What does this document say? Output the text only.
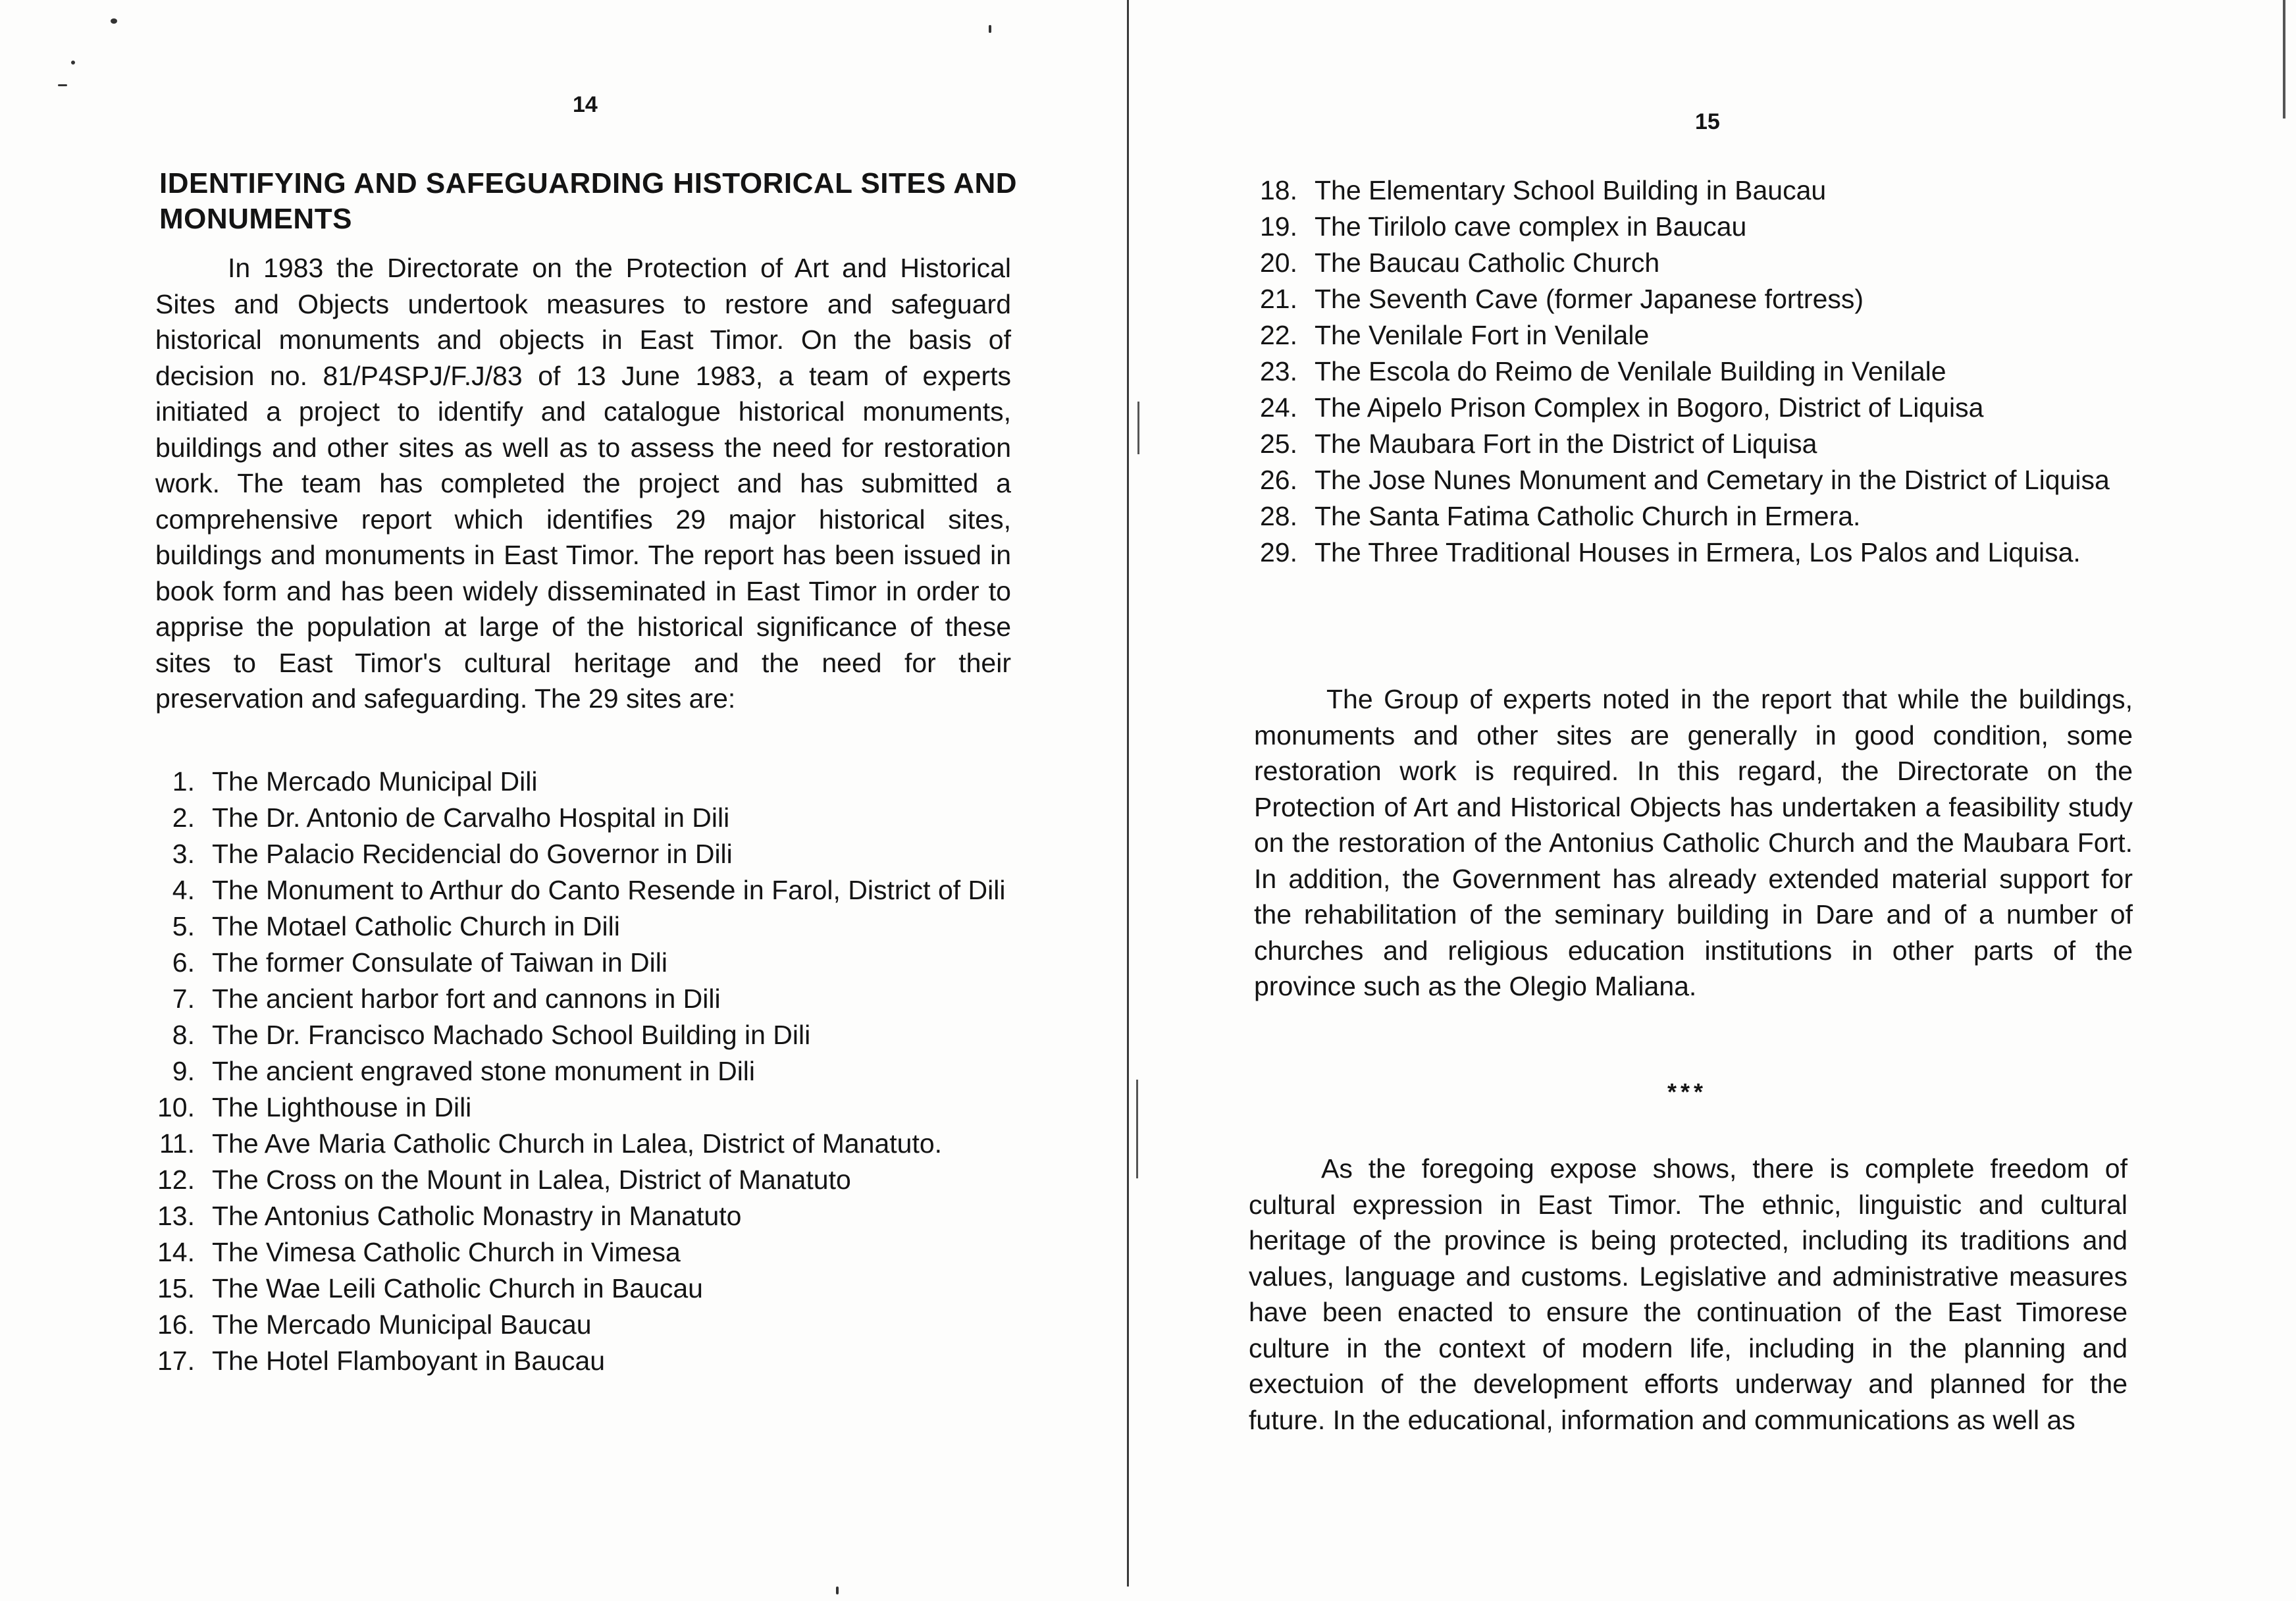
14
IDENTIFYING AND SAFEGUARDING HISTORICAL SITES AND MONUMENTS

In 1983 the Directorate on the Protection of Art and Historical Sites and Objects undertook measures to restore and safeguard historical monuments and objects in East Timor. On the basis of decision no. 81/P4SPJ/F.J/83 of 13 June 1983, a team of experts initiated a project to identify and catalogue historical monuments, buildings and other sites as well as to assess the need for restoration work. The team has completed the project and has submitted a comprehensive report which identifies 29 major historical sites, buildings and monuments in East Timor. The report has been issued in book form and has been widely disseminated in East Timor in order to apprise the population at large of the historical significance of these sites to East Timor's cultural heritage and the need for their preservation and safeguarding. The 29 sites are:

1. The Mercado Municipal Dili
2. The Dr. Antonio de Carvalho Hospital in Dili
3. The Palacio Recidencial do Governor in Dili
4. The Monument to Arthur do Canto Resende in Farol, District of Dili
5. The Motael Catholic Church in Dili
6. The former Consulate of Taiwan in Dili
7. The ancient harbor fort and cannons in Dili
8. The Dr. Francisco Machado School Building in Dili
9. The ancient engraved stone monument in Dili
10. The Lighthouse in Dili
11. The Ave Maria Catholic Church in Lalea, District of Manatuto.
12. The Cross on the Mount in Lalea, District of Manatuto
13. The Antonius Catholic Monastry in Manatuto
14. The Vimesa Catholic Church in Vimesa
15. The Wae Leili Catholic Church in Baucau
16. The Mercado Municipal Baucau
17. The Hotel Flamboyant in Baucau
15
18. The Elementary School Building in Baucau
19. The Tirilolo cave complex in Baucau
20. The Baucau Catholic Church
21. The Seventh Cave (former Japanese fortress)
22. The Venilale Fort in Venilale
23. The Escola do Reimo de Venilale Building in Venilale
24. The Aipelo Prison Complex in Bogoro, District of Liquisa
25. The Maubara Fort in the District of Liquisa
26. The Jose Nunes Monument and Cemetary in the District of Liquisa
28. The Santa Fatima Catholic Church in Ermera.
29. The Three Traditional Houses in Ermera, Los Palos and Liquisa.

The Group of experts noted in the report that while the buildings, monuments and other sites are generally in good condition, some restoration work is required. In this regard, the Directorate on the Protection of Art and Historical Objects has undertaken a feasibility study on the restoration of the Antonius Catholic Church and the Maubara Fort. In addition, the Government has already extended material support for the rehabilitation of the seminary building in Dare and of a number of churches and religious education institutions in other parts of the province such as the Olegio Maliana.

***

As the foregoing expose shows, there is complete freedom of cultural expression in East Timor. The ethnic, linguistic and cultural heritage of the province is being protected, including its traditions and values, language and customs. Legislative and administrative measures have been enacted to ensure the continuation of the East Timorese culture in the context of modern life, including in the planning and exectuion of the development efforts underway and planned for the future. In the educational, information and communications as well as
